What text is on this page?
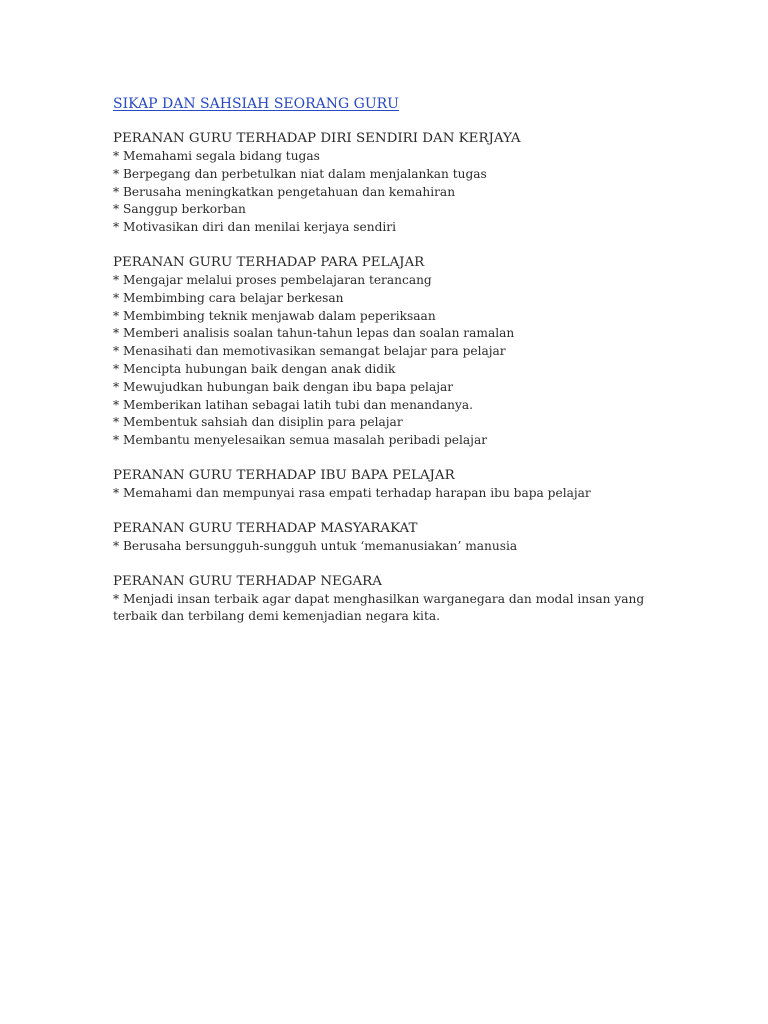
SIKAP DAN SAHSIAH SEORANG GURU
PERANAN GURU TERHADAP DIRI SENDIRI DAN KERJAYA
* Memahami segala bidang tugas
* Berpegang dan perbetulkan niat dalam menjalankan tugas
* Berusaha meningkatkan pengetahuan dan kemahiran
* Sanggup berkorban
* Motivasikan diri dan menilai kerjaya sendiri
PERANAN GURU TERHADAP PARA PELAJAR
* Mengajar melalui proses pembelajaran terancang
* Membimbing cara belajar berkesan
* Membimbing teknik menjawab dalam peperiksaan
* Memberi analisis soalan tahun-tahun lepas dan soalan ramalan
* Menasihati dan memotivasikan semangat belajar para pelajar
* Mencipta hubungan baik dengan anak didik
* Mewujudkan hubungan baik dengan ibu bapa pelajar
* Memberikan latihan sebagai latih tubi dan menandanya.
* Membentuk sahsiah dan disiplin para pelajar
* Membantu menyelesaikan semua masalah peribadi pelajar
PERANAN GURU TERHADAP IBU BAPA PELAJAR
* Memahami dan mempunyai rasa empati terhadap harapan ibu bapa pelajar
PERANAN GURU TERHADAP MASYARAKAT
* Berusaha bersungguh-sungguh untuk ‘memanusiakan’ manusia
PERANAN GURU TERHADAP NEGARA
* Menjadi insan terbaik agar dapat menghasilkan warganegara dan modal insan yang
terbaik dan terbilang demi kemenjadian negara kita.
